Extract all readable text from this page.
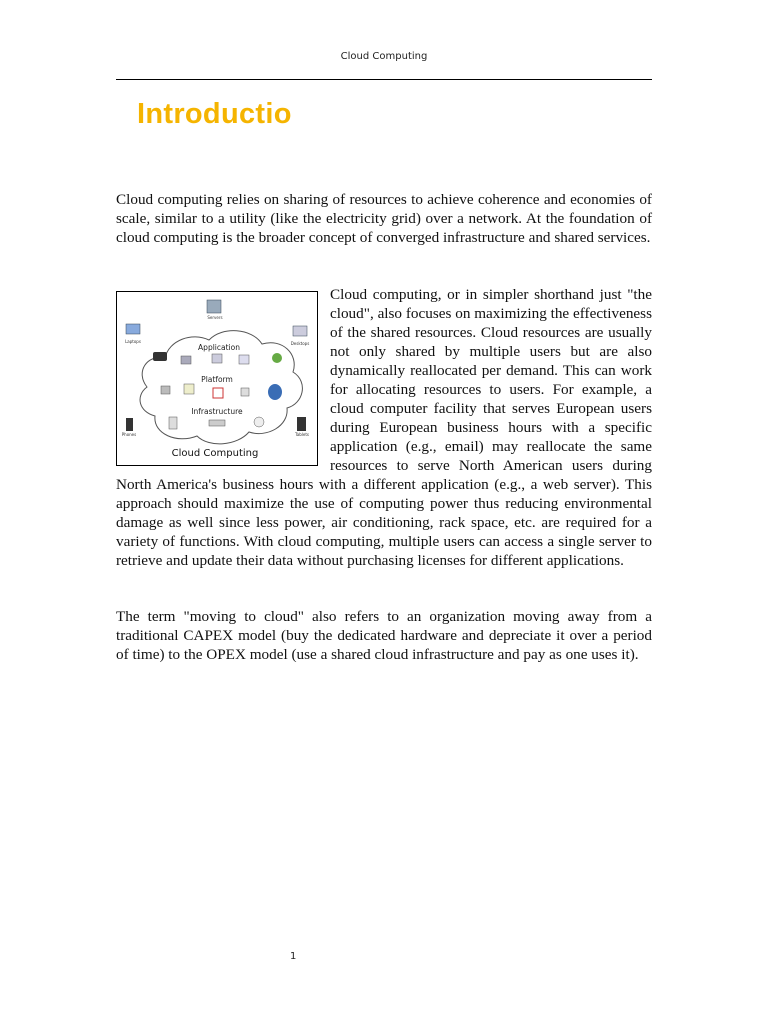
Cloud Computing
Introductio

Cloud computing relies on sharing of resources to achieve coherence and economies of scale, similar to a utility (like the electricity grid) over a network. At the foundation of cloud computing is the broader concept of converged infrastructure and shared services.

Application
Platform
Infrastructure
Servers
Laptops	Desktops
Phones	Tablets
Cloud Computing
Cloud computing, or in simpler shorthand just "the cloud", also focuses on maximizing the effectiveness of the shared resources. Cloud resources are usually not only shared by multiple users but are also dynamically reallocated per demand. This can work for allocating resources to users. For example, a cloud computer facility that serves European users during European business hours with a specific application (e.g., email) may reallocate the same resources to serve North American users during North America's business hours with a different application (e.g., a web server). This approach should maximize the use of computing power thus reducing environmental damage as well since less power, air conditioning, rack space, etc. are required for a variety of functions. With cloud computing, multiple users can access a single server to retrieve and update their data without purchasing licenses for different applications.

The term "moving to cloud" also refers to an organization moving away from a traditional CAPEX model (buy the dedicated hardware and depreciate it over a period of time) to the OPEX model (use a shared cloud infrastructure and pay as one uses it).

1
